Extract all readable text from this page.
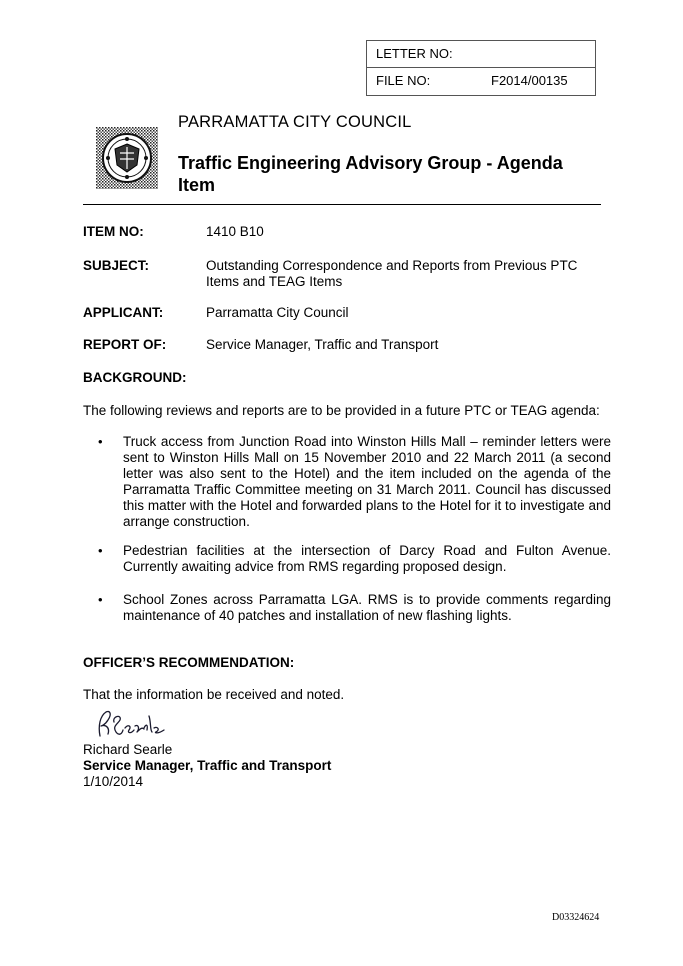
LETTER NO:
FILE NO:	F2014/00135
PARRAMATTA CITY COUNCIL
Traffic Engineering Advisory Group - Agenda Item
ITEM NO:	1410 B10
SUBJECT:	Outstanding Correspondence and Reports from Previous PTC Items and TEAG Items
APPLICANT:	Parramatta City Council
REPORT OF:	Service Manager, Traffic and Transport
BACKGROUND:
The following reviews and reports are to be provided in a future PTC or TEAG agenda:
• Truck access from Junction Road into Winston Hills Mall – reminder letters were sent to Winston Hills Mall on 15 November 2010 and 22 March 2011 (a second letter was also sent to the Hotel) and the item included on the agenda of the Parramatta Traffic Committee meeting on 31 March 2011. Council has discussed this matter with the Hotel and forwarded plans to the Hotel for it to investigate and arrange construction.
• Pedestrian facilities at the intersection of Darcy Road and Fulton Avenue. Currently awaiting advice from RMS regarding proposed design.
• School Zones across Parramatta LGA. RMS is to provide comments regarding maintenance of 40 patches and installation of new flashing lights.
OFFICER’S RECOMMENDATION:
That the information be received and noted.
Richard Searle
Service Manager, Traffic and Transport
1/10/2014
D03324624
